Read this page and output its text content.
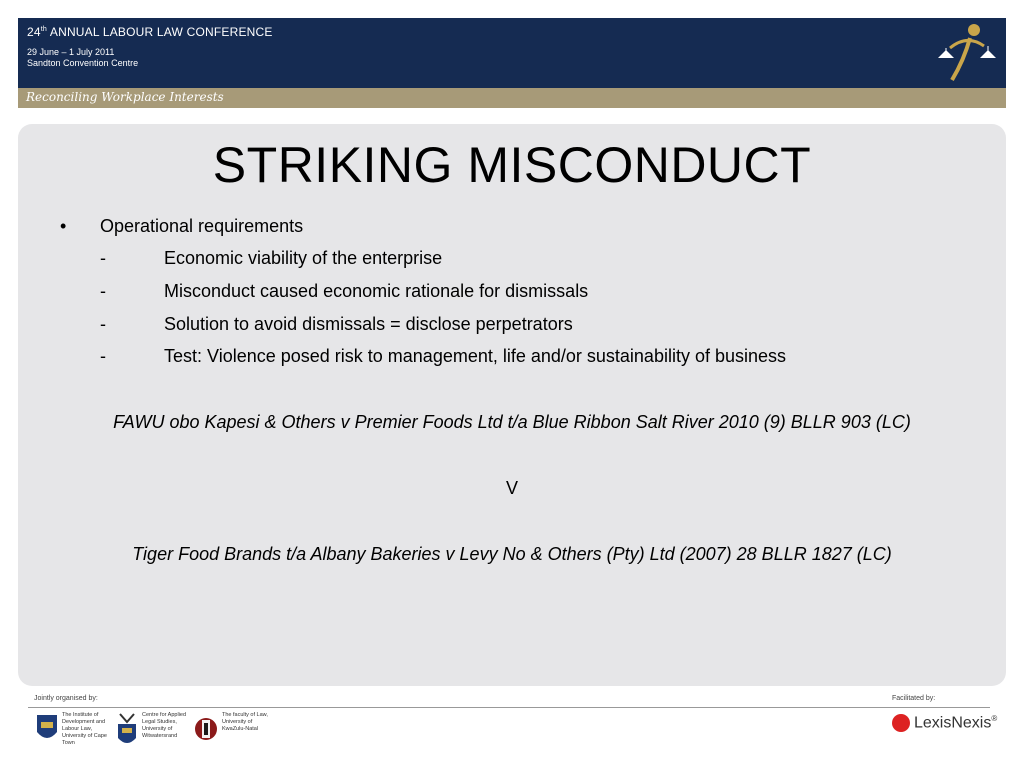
24th ANNUAL LABOUR LAW CONFERENCE
29 June – 1 July 2011
Sandton Convention Centre
Reconciling Workplace Interests
STRIKING MISCONDUCT
• Operational requirements
-	Economic viability of the enterprise
-	Misconduct caused economic rationale for dismissals
-	Solution to avoid dismissals = disclose perpetrators
-	Test: Violence posed risk to management, life and/or sustainability of business
FAWU obo Kapesi & Others v Premier Foods Ltd t/a Blue Ribbon Salt River 2010 (9) BLLR 903 (LC)
V
Tiger Food Brands t/a Albany Bakeries v Levy No & Others (Pty) Ltd (2007) 28 BLLR 1827 (LC)
Jointly organised by:	Facilitated by:
The Institute of Development and Labour Law, University of Cape Town
Centre for Applied Legal Studies, University of Witwatersrand
The faculty of Law, University of KwaZulu-Natal	LexisNexis®
